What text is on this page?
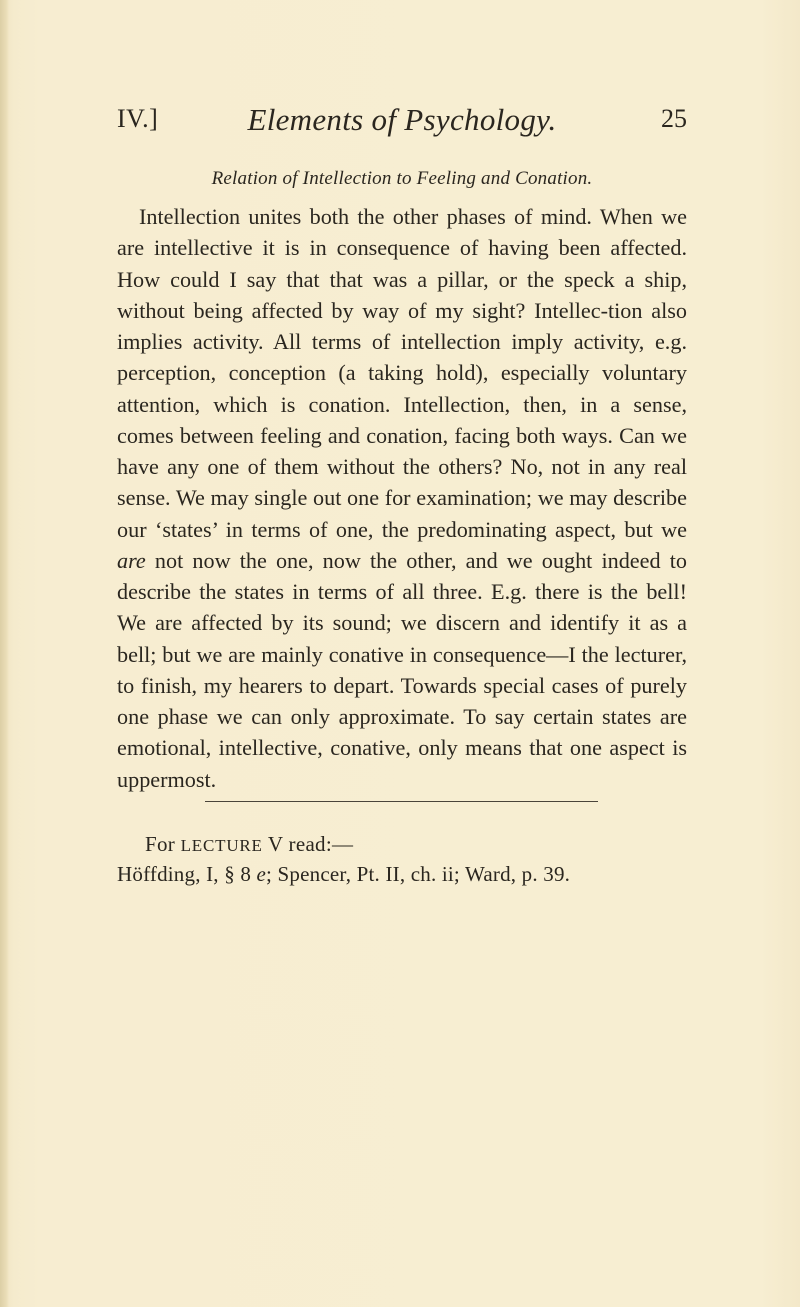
IV.]	Elements of Psychology.	25
Relation of Intellection to Feeling and Conation.

Intellection unites both the other phases of mind. When we are intellective it is in consequence of having been affected. How could I say that that was a pillar, or the speck a ship, without being affected by way of my sight? Intellec-tion also implies activity. All terms of intellection imply activity, e.g. perception, conception (a taking hold), especially voluntary attention, which is conation. Intellection, then, in a sense, comes between feeling and conation, facing both ways. Can we have any one of them without the others? No, not in any real sense. We may single out one for examination; we may describe our ‘states’ in terms of one, the predominating aspect, but we are not now the one, now the other, and we ought indeed to describe the states in terms of all three. E.g. there is the bell! We are affected by its sound; we discern and identify it as a bell; but we are mainly conative in consequence—I the lecturer, to finish, my hearers to depart. Towards special cases of purely one phase we can only approximate. To say certain states are emotional, intellective, conative, only means that one aspect is uppermost.

For LECTURE V read:—
Höffding, I, § 8 e; Spencer, Pt. II, ch. ii; Ward, p. 39.
